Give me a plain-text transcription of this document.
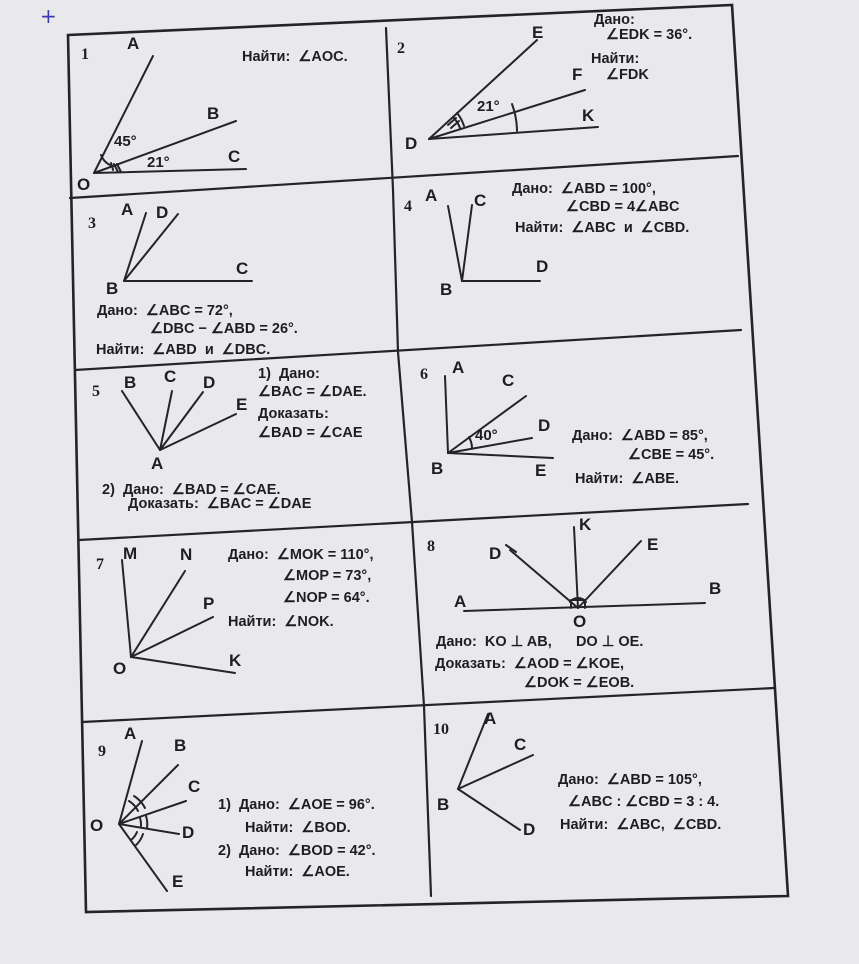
+
1
A
B
C
O
45°
21°
Найти:  ∠AOC.	2
E
F
K
D
21°
Дано:
∠EDK = 36°.
Найти:
∠FDK
3
A D
B
C
Дано:  ∠ABC = 72°,
∠DBC − ∠ABD = 26°.
Найти:  ∠ABD  и  ∠DBC.
4
A C
B
D
Дано:  ∠ABD = 100°,
∠CBD = 4∠ABC
Найти:  ∠ABC  и  ∠CBD.
5 B C D
E
A
1)  Дано:
∠BAC = ∠DAE.
Доказать:
∠BAD = ∠CAE
2)  Дано:  ∠BAD = ∠CAE.
Доказать:  ∠BAC = ∠DAE
6 A
C
D
B	E
40°	Дано:  ∠ABD = 85°,
∠CBE = 45°.
Найти:  ∠ABE.
7
M	N
P
O	K
Дано:  ∠MOK = 110°,
∠MOP = 73°,
∠NOP = 64°.
Найти:  ∠NOK.
8
K
D	E
A
B
O
Дано:  KO ⊥ AB,      DO ⊥ OE.
Доказать:  ∠AOD = ∠KOE,
∠DOK = ∠EOB.
9
A
B
C
O	D
E
1)  Дано:  ∠AOE = 96°.
Найти:  ∠BOD.
2)  Дано:  ∠BOD = 42°.
Найти:  ∠AOE.
10
A
C
B
D
Дано:  ∠ABD = 105°,
∠ABC : ∠CBD = 3 : 4.
Найти:  ∠ABC,  ∠CBD.
